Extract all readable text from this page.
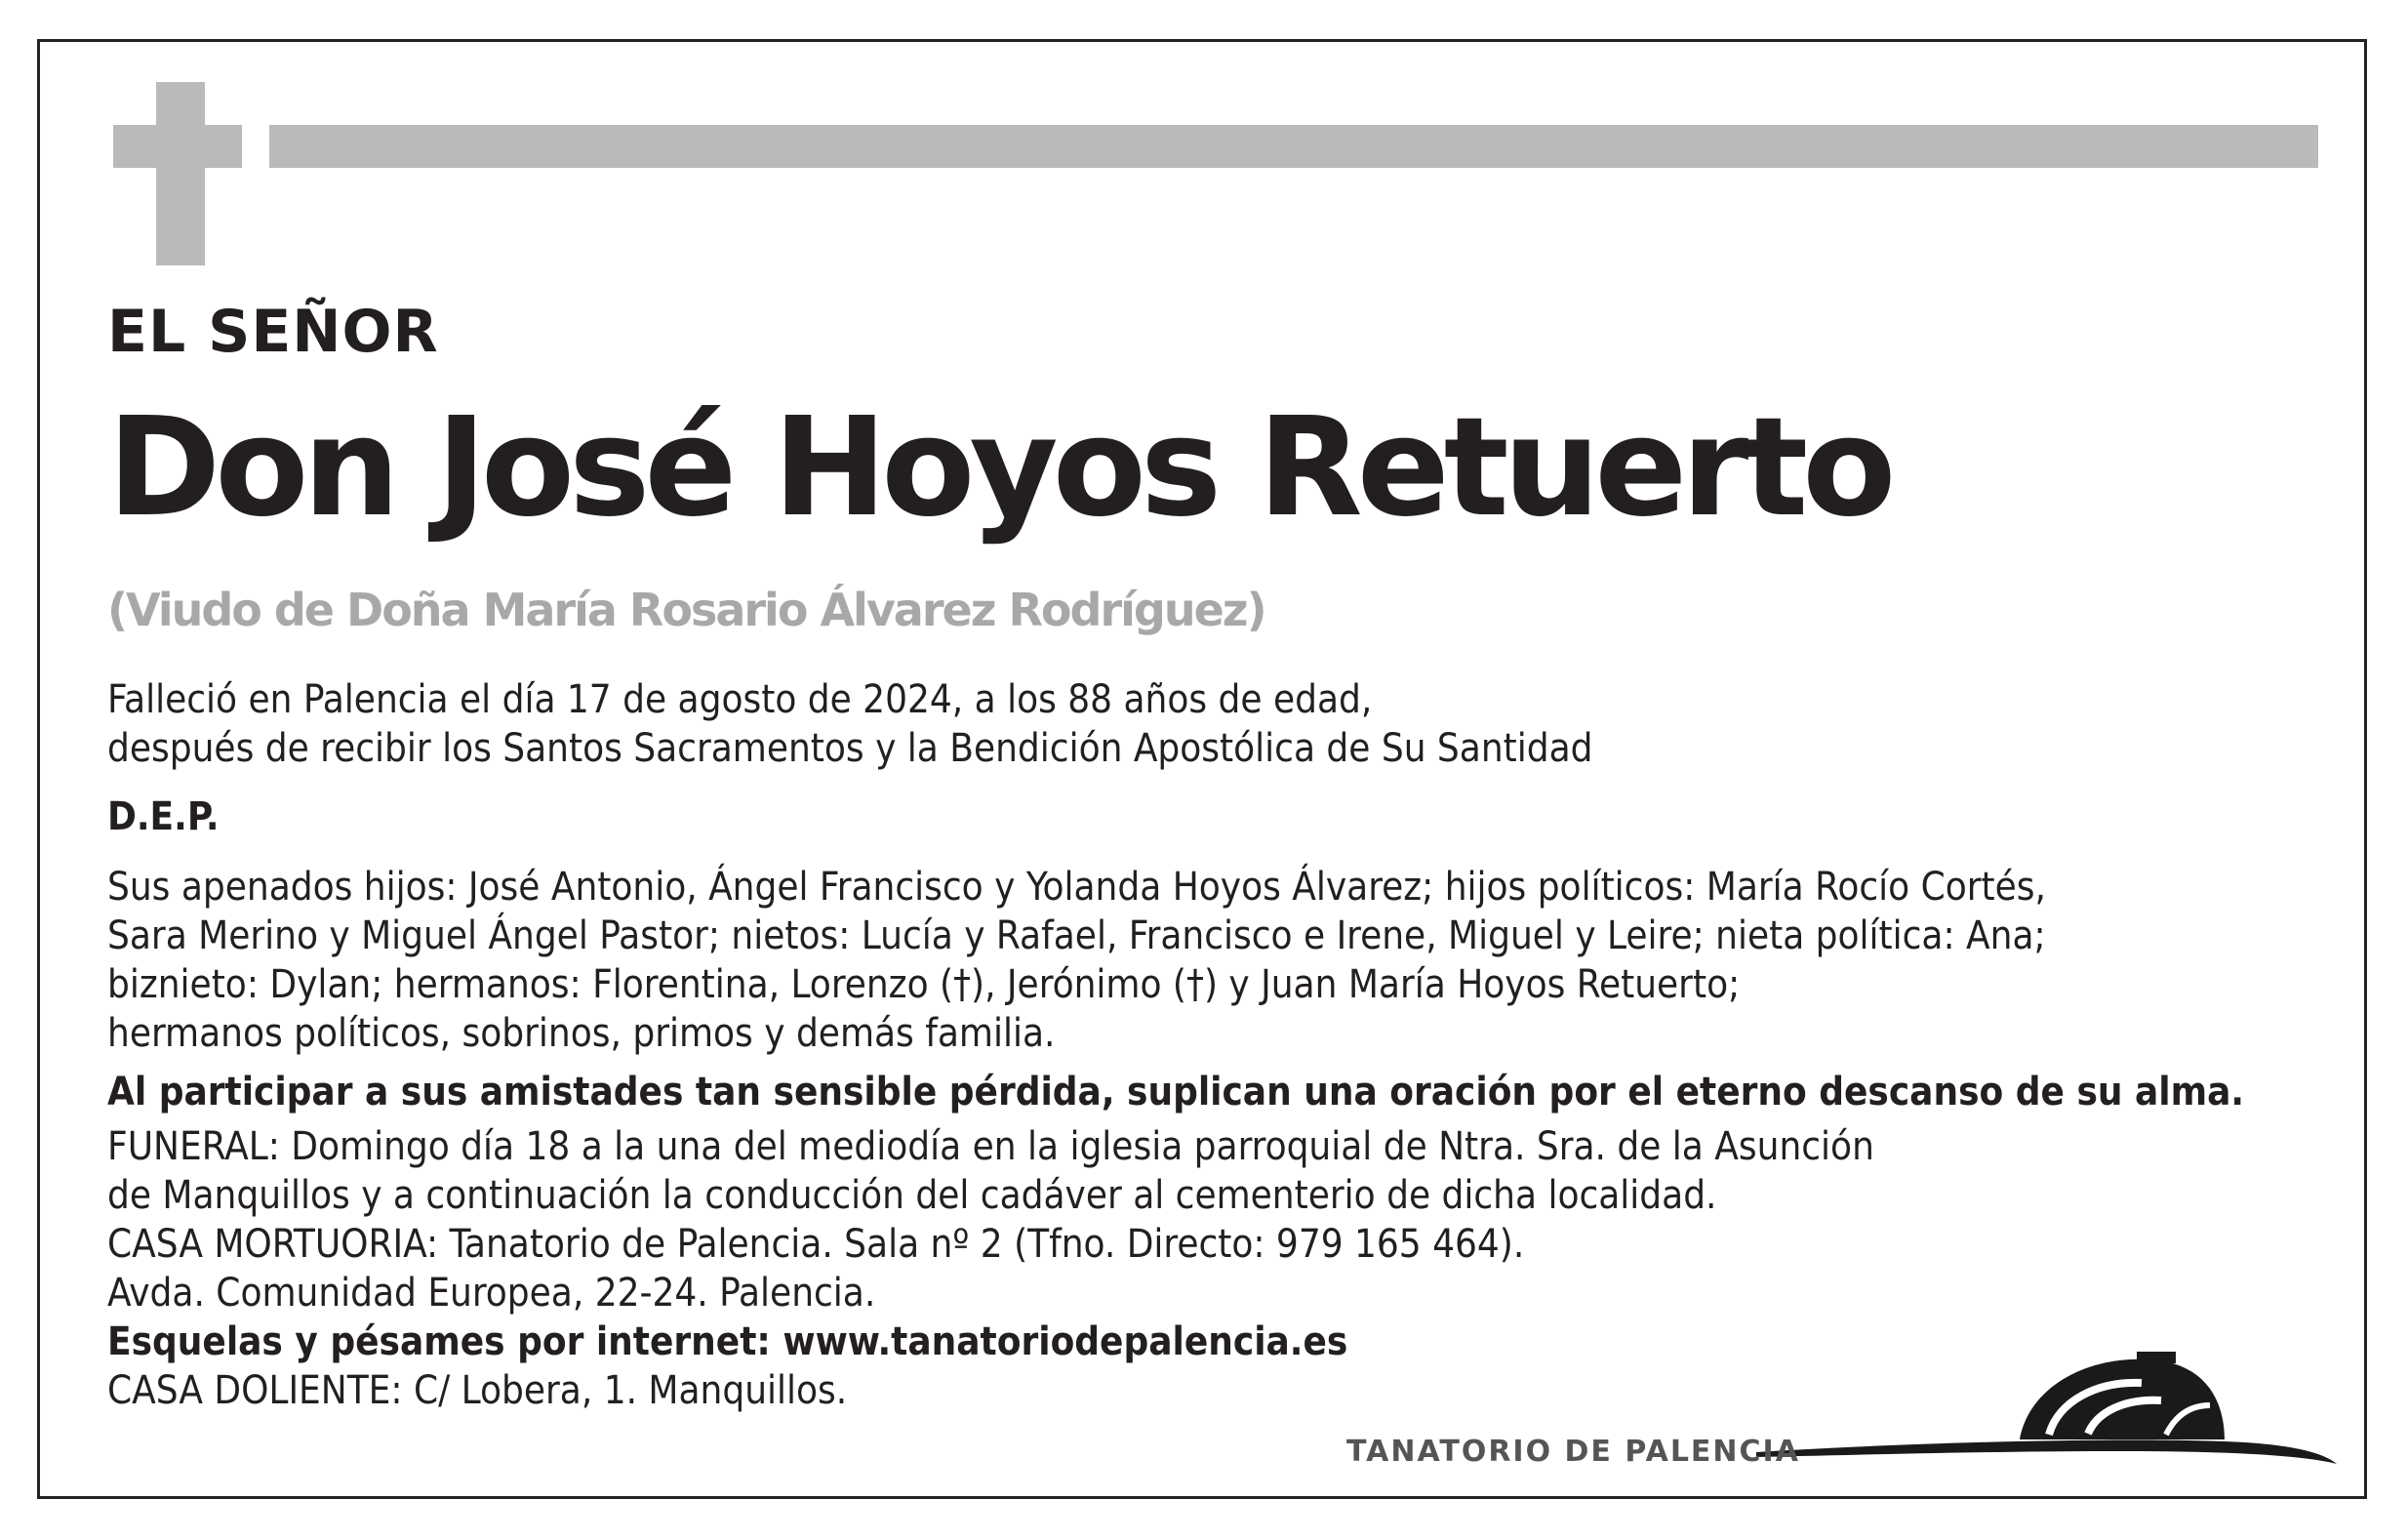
EL SEÑOR
Don José Hoyos Retuerto
(Viudo de Doña María Rosario Álvarez Rodríguez)
Falleció en Palencia el día 17 de agosto de 2024, a los 88 años de edad,
después de recibir los Santos Sacramentos y la Bendición Apostólica de Su Santidad
D.E.P.
Sus apenados hijos: José Antonio, Ángel Francisco y Yolanda Hoyos Álvarez; hijos políticos: María Rocío Cortés,
Sara Merino y Miguel Ángel Pastor; nietos: Lucía y Rafael, Francisco e Irene, Miguel y Leire; nieta política: Ana;
biznieto: Dylan; hermanos: Florentina, Lorenzo (†), Jerónimo (†) y Juan María Hoyos Retuerto;
hermanos políticos, sobrinos, primos y demás familia.
Al participar a sus amistades tan sensible pérdida, suplican una oración por el eterno descanso de su alma.
FUNERAL: Domingo día 18 a la una del mediodía en la iglesia parroquial de Ntra. Sra. de la Asunción
de Manquillos y a continuación la conducción del cadáver al cementerio de dicha localidad.
CASA MORTUORIA: Tanatorio de Palencia. Sala nº 2 (Tfno. Directo: 979 165 464).
Avda. Comunidad Europea, 22-24. Palencia.
Esquelas y pésames por internet: www.tanatoriodepalencia.es
CASA DOLIENTE: C/ Lobera, 1. Manquillos.
TANATORIO DE PALENCIA
